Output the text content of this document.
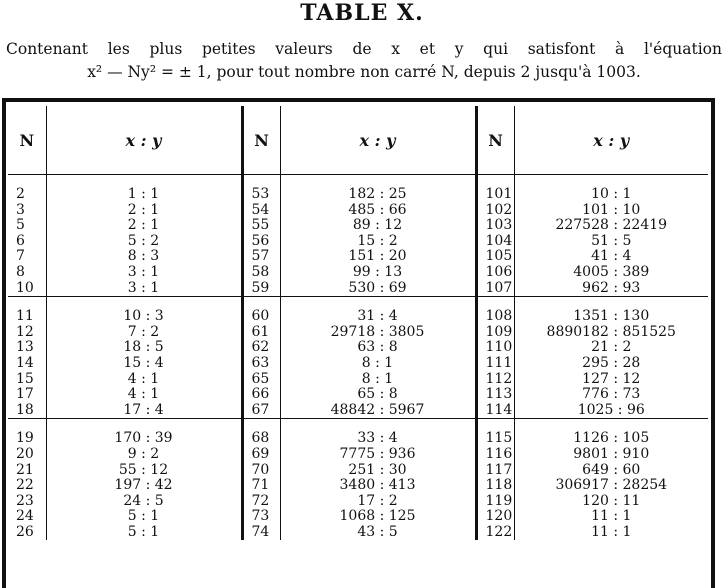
TABLE X.
Contenant les plus petites valeurs de x et y qui satisfont à l'équation
x² — Ny² = ± 1, pour tout nombre non carré N, depuis 2 jusqu'à 1003.
N	x : y	N	x : y	N	x : y

2	1 : 1	53	182 : 25	101	10 : 1
3	2 : 1	54	485 : 66	102	101 : 10
5	2 : 1	55	89 : 12	103	227528 : 22419
6	5 : 2	56	15 : 2	104	51 : 5
7	8 : 3	57	151 : 20	105	41 : 4
8	3 : 1	58	99 : 13	106	4005 : 389
10	3 : 1	59	530 : 69	107	962 : 93

11	10 : 3	60	31 : 4	108	1351 : 130
12	7 : 2	61	29718 : 3805	109	8890182 : 851525
13	18 : 5	62	63 : 8	110	21 : 2
14	15 : 4	63	8 : 1	111	295 : 28
15	4 : 1	65	8 : 1	112	127 : 12
17	4 : 1	66	65 : 8	113	776 : 73
18	17 : 4	67	48842 : 5967	114	1025 : 96

19	170 : 39	68	33 : 4	115	1126 : 105
20	9 : 2	69	7775 : 936	116	9801 : 910
21	55 : 12	70	251 : 30	117	649 : 60
22	197 : 42	71	3480 : 413	118	306917 : 28254
23	24 : 5	72	17 : 2	119	120 : 11
24	5 : 1	73	1068 : 125	120	11 : 1
26	5 : 1	74	43 : 5	122	11 : 1
